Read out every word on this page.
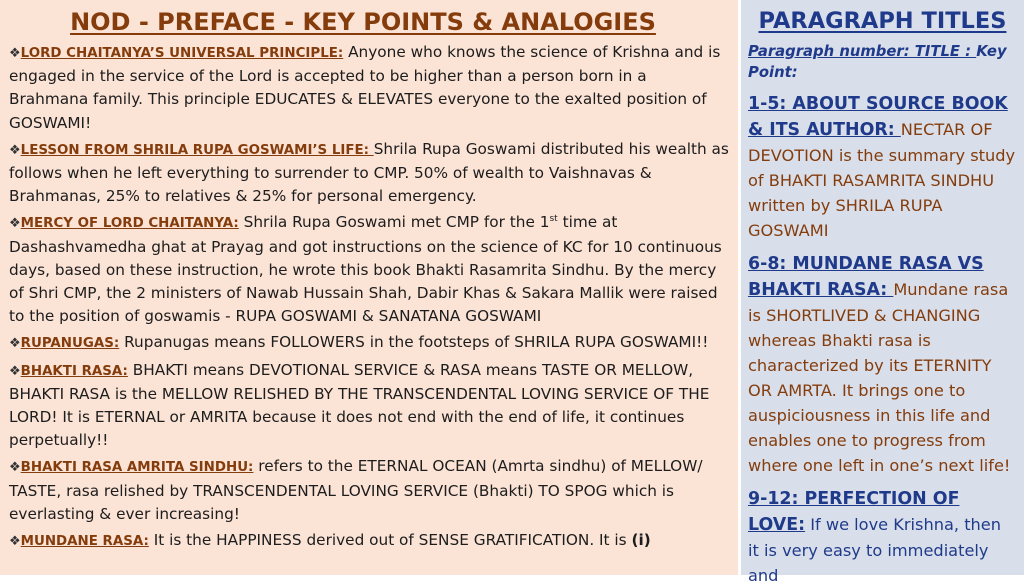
NOD - PREFACE - KEY POINTS & ANALOGIES
❖LORD CHAITANYA’S UNIVERSAL PRINCIPLE: Anyone who knows the science of Krishna and is engaged in the service of the Lord is accepted to be higher than a person born in a Brahmana family. This principle EDUCATES & ELEVATES everyone to the exalted position of GOSWAMI!
❖LESSON FROM SHRILA RUPA GOSWAMI’S LIFE: Shrila Rupa Goswami distributed his wealth as follows when he left everything to surrender to CMP. 50% of wealth to Vaishnavas & Brahmanas, 25% to relatives & 25% for personal emergency.
❖MERCY OF LORD CHAITANYA: Shrila Rupa Goswami met CMP for the 1st time at Dashashvamedha ghat at Prayag and got instructions on the science of KC for 10 continuous days, based on these instruction, he wrote this book Bhakti Rasamrita Sindhu. By the mercy of Shri CMP, the 2 ministers of Nawab Hussain Shah, Dabir Khas & Sakara Mallik were raised to the position of goswamis - RUPA GOSWAMI & SANATANA GOSWAMI
❖RUPANUGAS: Rupanugas means FOLLOWERS in the footsteps of SHRILA RUPA GOSWAMI!!
❖BHAKTI RASA: BHAKTI means DEVOTIONAL SERVICE & RASA means TASTE OR MELLOW, BHAKTI RASA is the MELLOW RELISHED BY THE TRANSCENDENTAL LOVING SERVICE OF THE LORD! It is ETERNAL or AMRITA because it does not end with the end of life, it continues perpetually!!
❖BHAKTI RASA AMRITA SINDHU: refers to the ETERNAL OCEAN (Amrta sindhu) of MELLOW/ TASTE, rasa relished by TRANSCENDENTAL LOVING SERVICE (Bhakti) TO SPOG which is everlasting & ever increasing!
❖MUNDANE RASA: It is the HAPPINESS derived out of SENSE GRATIFICATION. It is (i)
PARAGRAPH TITLES
Paragraph number: TITLE : Key Point:
1-5: ABOUT SOURCE BOOK & ITS AUTHOR: NECTAR OF DEVOTION is the summary study of BHAKTI RASAMRITA SINDHU written by SHRILA RUPA GOSWAMI
6-8: MUNDANE RASA VS BHAKTI RASA: Mundane rasa is SHORTLIVED & CHANGING whereas Bhakti rasa is characterized by its ETERNITY OR AMRTA. It brings one to auspiciousness in this life and enables one to progress from where one left in one’s next life!
9-12: PERFECTION OF LOVE: If we love Krishna, then it is very easy to immediately and
